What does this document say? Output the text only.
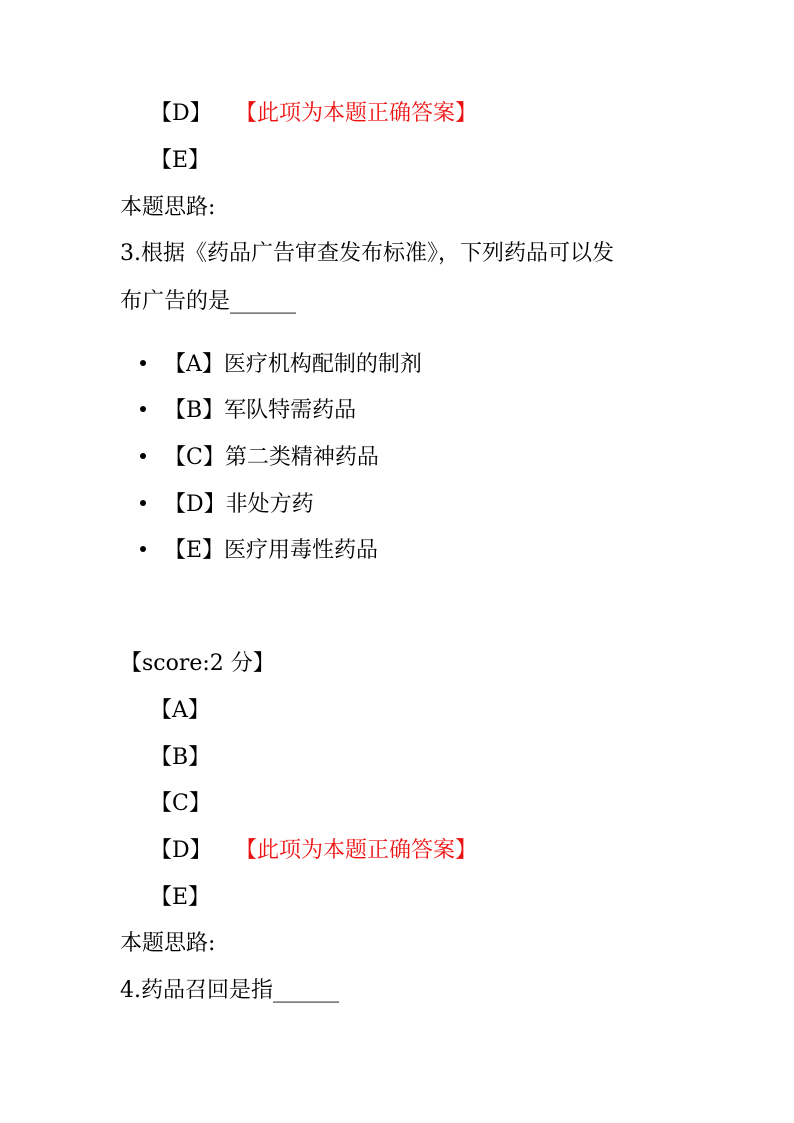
【D】 【此项为本题正确答案】
【E】
本题思路:
3.根据《药品广告审查发布标准》，下列药品可以发
布广告的是______
【A】医疗机构配制的制剂
【B】军队特需药品
【C】第二类精神药品
【D】非处方药
【E】医疗用毒性药品
【score:2 分】
【A】
【B】
【C】
【D】 【此项为本题正确答案】
【E】
本题思路:
4.药品召回是指______
